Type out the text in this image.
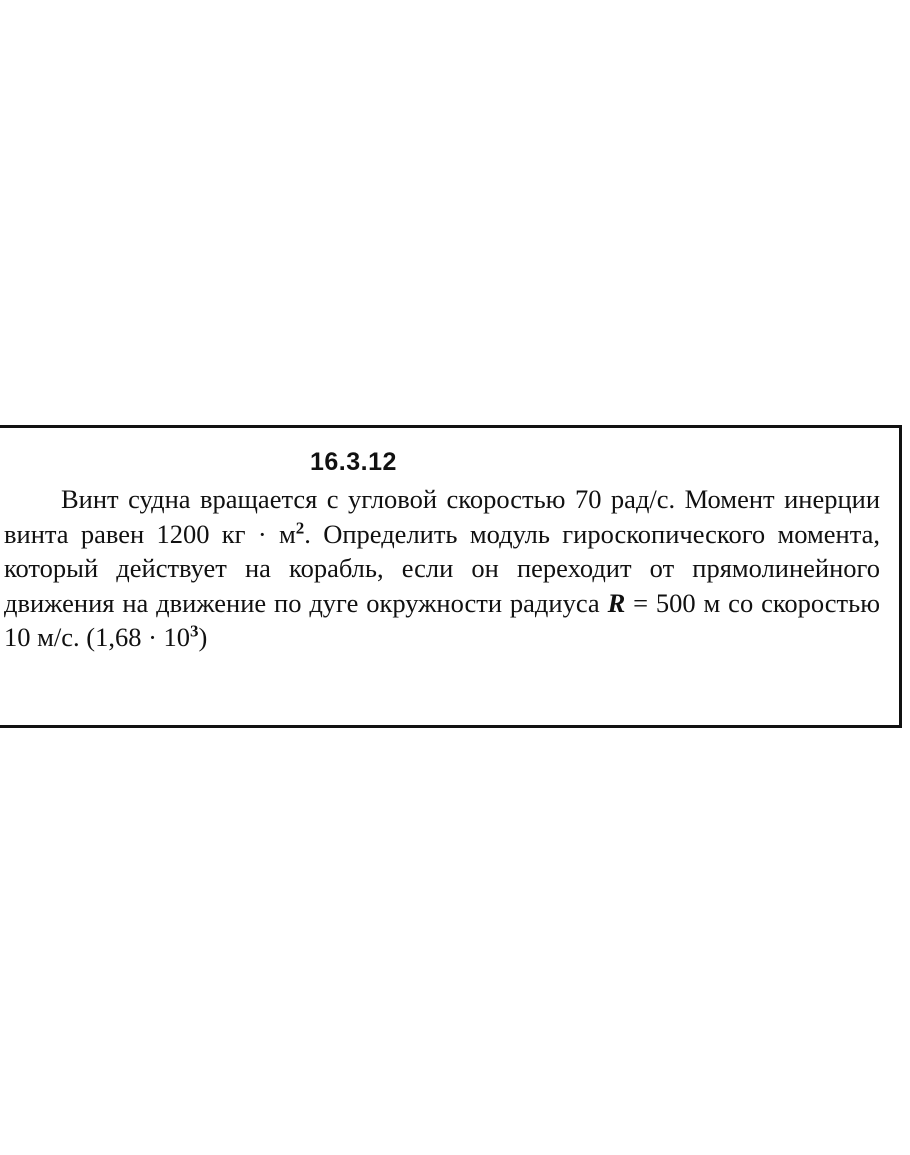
16.3.12

Винт судна вращается с угловой скоростью 70 рад/с. Момент инерции винта равен 1200 кг · $м^2$. Определить модуль гироскопического момента, который действует на корабль, если он переходит от прямолинейного движения на движение по дуге окружности радиуса R = 500 м со скоростью 10 м/с. $(1,68 \cdot 10^3)$
